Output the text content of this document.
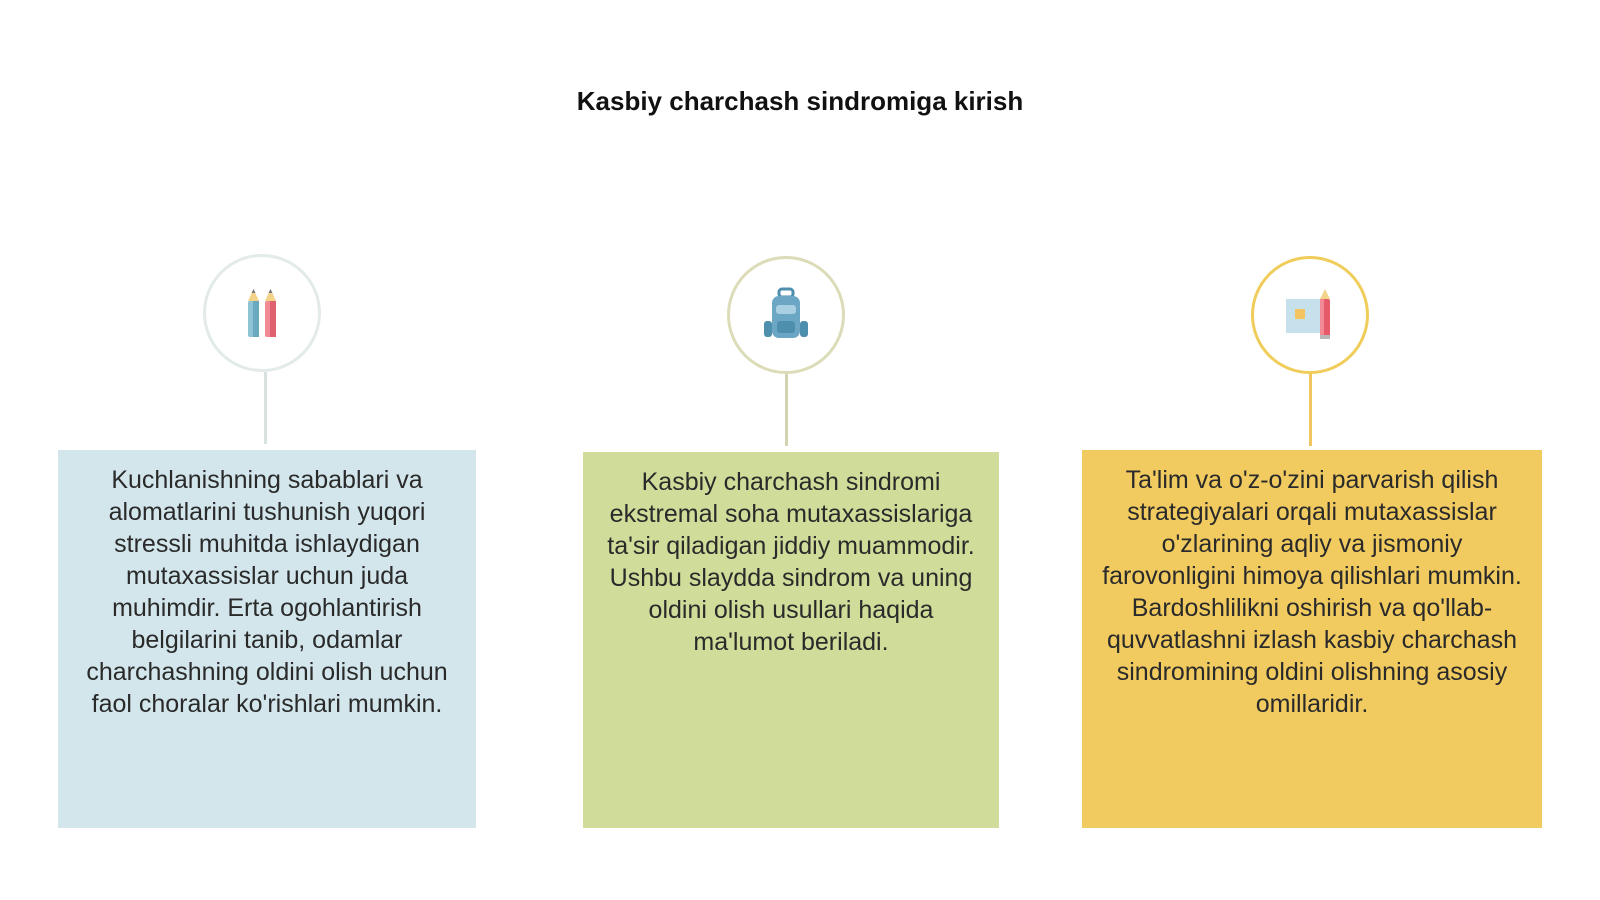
Kasbiy charchash sindromiga kirish
Kuchlanishning sabablari va alomatlarini tushunish yuqori stressli muhitda ishlaydigan mutaxassislar uchun juda muhimdir. Erta ogohlantirish belgilarini tanib, odamlar charchashning oldini olish uchun faol choralar ko'rishlari mumkin.
Kasbiy charchash sindromi ekstremal soha mutaxassislariga ta'sir qiladigan jiddiy muammodir. Ushbu slaydda sindrom va uning oldini olish usullari haqida ma'lumot beriladi.
Ta'lim va o'z-o'zini parvarish qilish strategiyalari orqali mutaxassislar o'zlarining aqliy va jismoniy farovonligini himoya qilishlari mumkin. Bardoshlilikni oshirish va qo'llab-quvvatlashni izlash kasbiy charchash sindromining oldini olishning asosiy omillaridir.
